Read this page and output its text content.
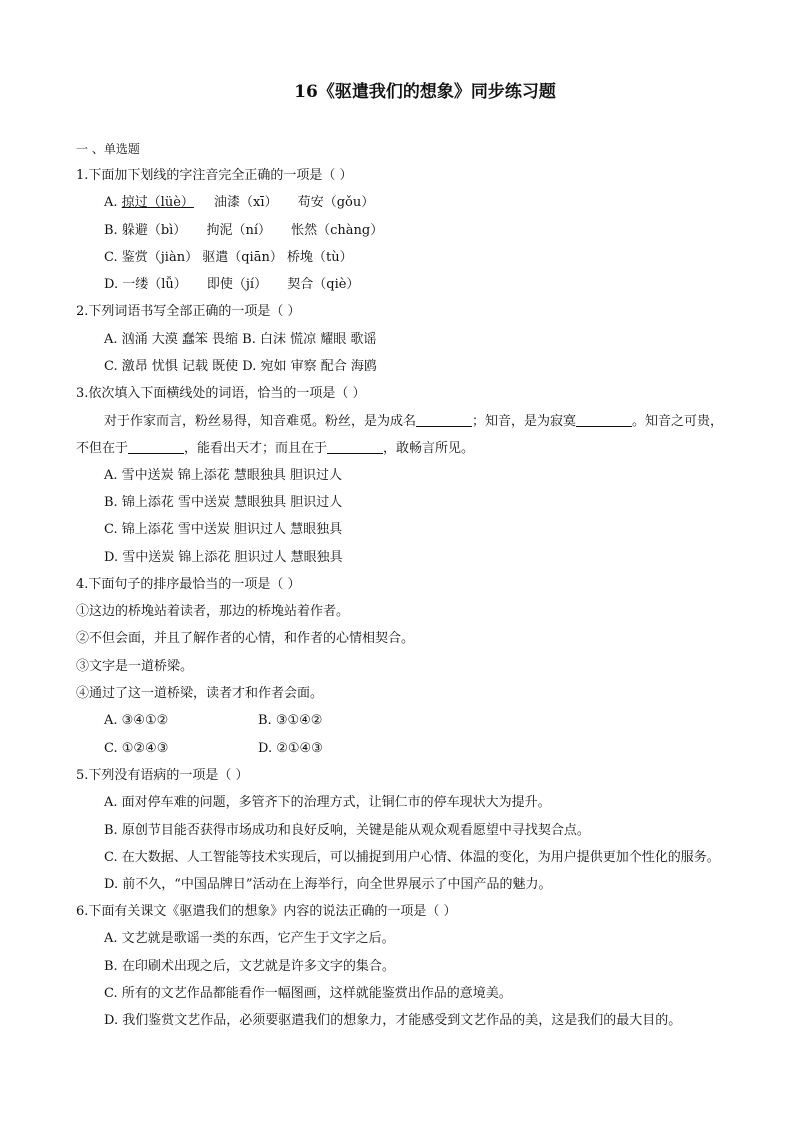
16《驱遣我们的想象》同步练习题
一 、单选题
1.下面加下划线的字注音完全正确的一项是（ ）
A. 掠过（lüè） 油漆（xī） 苟安（gǒu）
B. 躲避（bì） 拘泥（ní） 怅然（chàng）
C. 鉴赏（jiàn） 驱遣（qiān） 桥堍（tù）
D. 一缕（lǚ） 即使（jí） 契合（qiè）
2.下列词语书写全部正确的一项是（ ）
A. 汹涌 大漠 蠢笨 畏缩 B. 白沫 慌凉 耀眼 歌谣
C. 激昂 忧惧 记载 既使 D. 宛如 审察 配合 海鸥
3.依次填入下面横线处的词语，恰当的一项是（ ）
对于作家而言，粉丝易得，知音难觅。粉丝，是为成名	；知音，是为寂寞	。知音之可贵，不但在于	，能看出天才；而且在于	，敢畅言所见。
A. 雪中送炭 锦上添花 慧眼独具 胆识过人
B. 锦上添花 雪中送炭 慧眼独具 胆识过人
C. 锦上添花 雪中送炭 胆识过人 慧眼独具
D. 雪中送炭 锦上添花 胆识过人 慧眼独具
4.下面句子的排序最恰当的一项是（ ）
①这边的桥堍站着读者，那边的桥堍站着作者。
②不但会面，并且了解作者的心情，和作者的心情相契合。
③文字是一道桥梁。
④通过了这一道桥梁，读者才和作者会面。
A. ③④①②	B. ③①④②
C. ①②④③	D. ②①④③
5.下列没有语病的一项是（ ）
A. 面对停车难的问题，多管齐下的治理方式，让铜仁市的停车现状大为提升。
B. 原创节目能否获得市场成功和良好反响，关键是能从观众观看愿望中寻找契合点。
C. 在大数据、人工智能等技术实现后，可以捕捉到用户心情、体温的变化，为用户提供更加个性化的服务。
D. 前不久，“中国品牌日”活动在上海举行，向全世界展示了中国产品的魅力。
6.下面有关课文《驱遣我们的想象》内容的说法正确的一项是（ ）
A. 文艺就是歌谣一类的东西，它产生于文字之后。
B. 在印刷术出现之后，文艺就是许多文字的集合。
C. 所有的文艺作品都能看作一幅图画，这样就能鉴赏出作品的意境美。
D. 我们鉴赏文艺作品，必须要驱遣我们的想象力，才能感受到文艺作品的美，这是我们的最大目的。
